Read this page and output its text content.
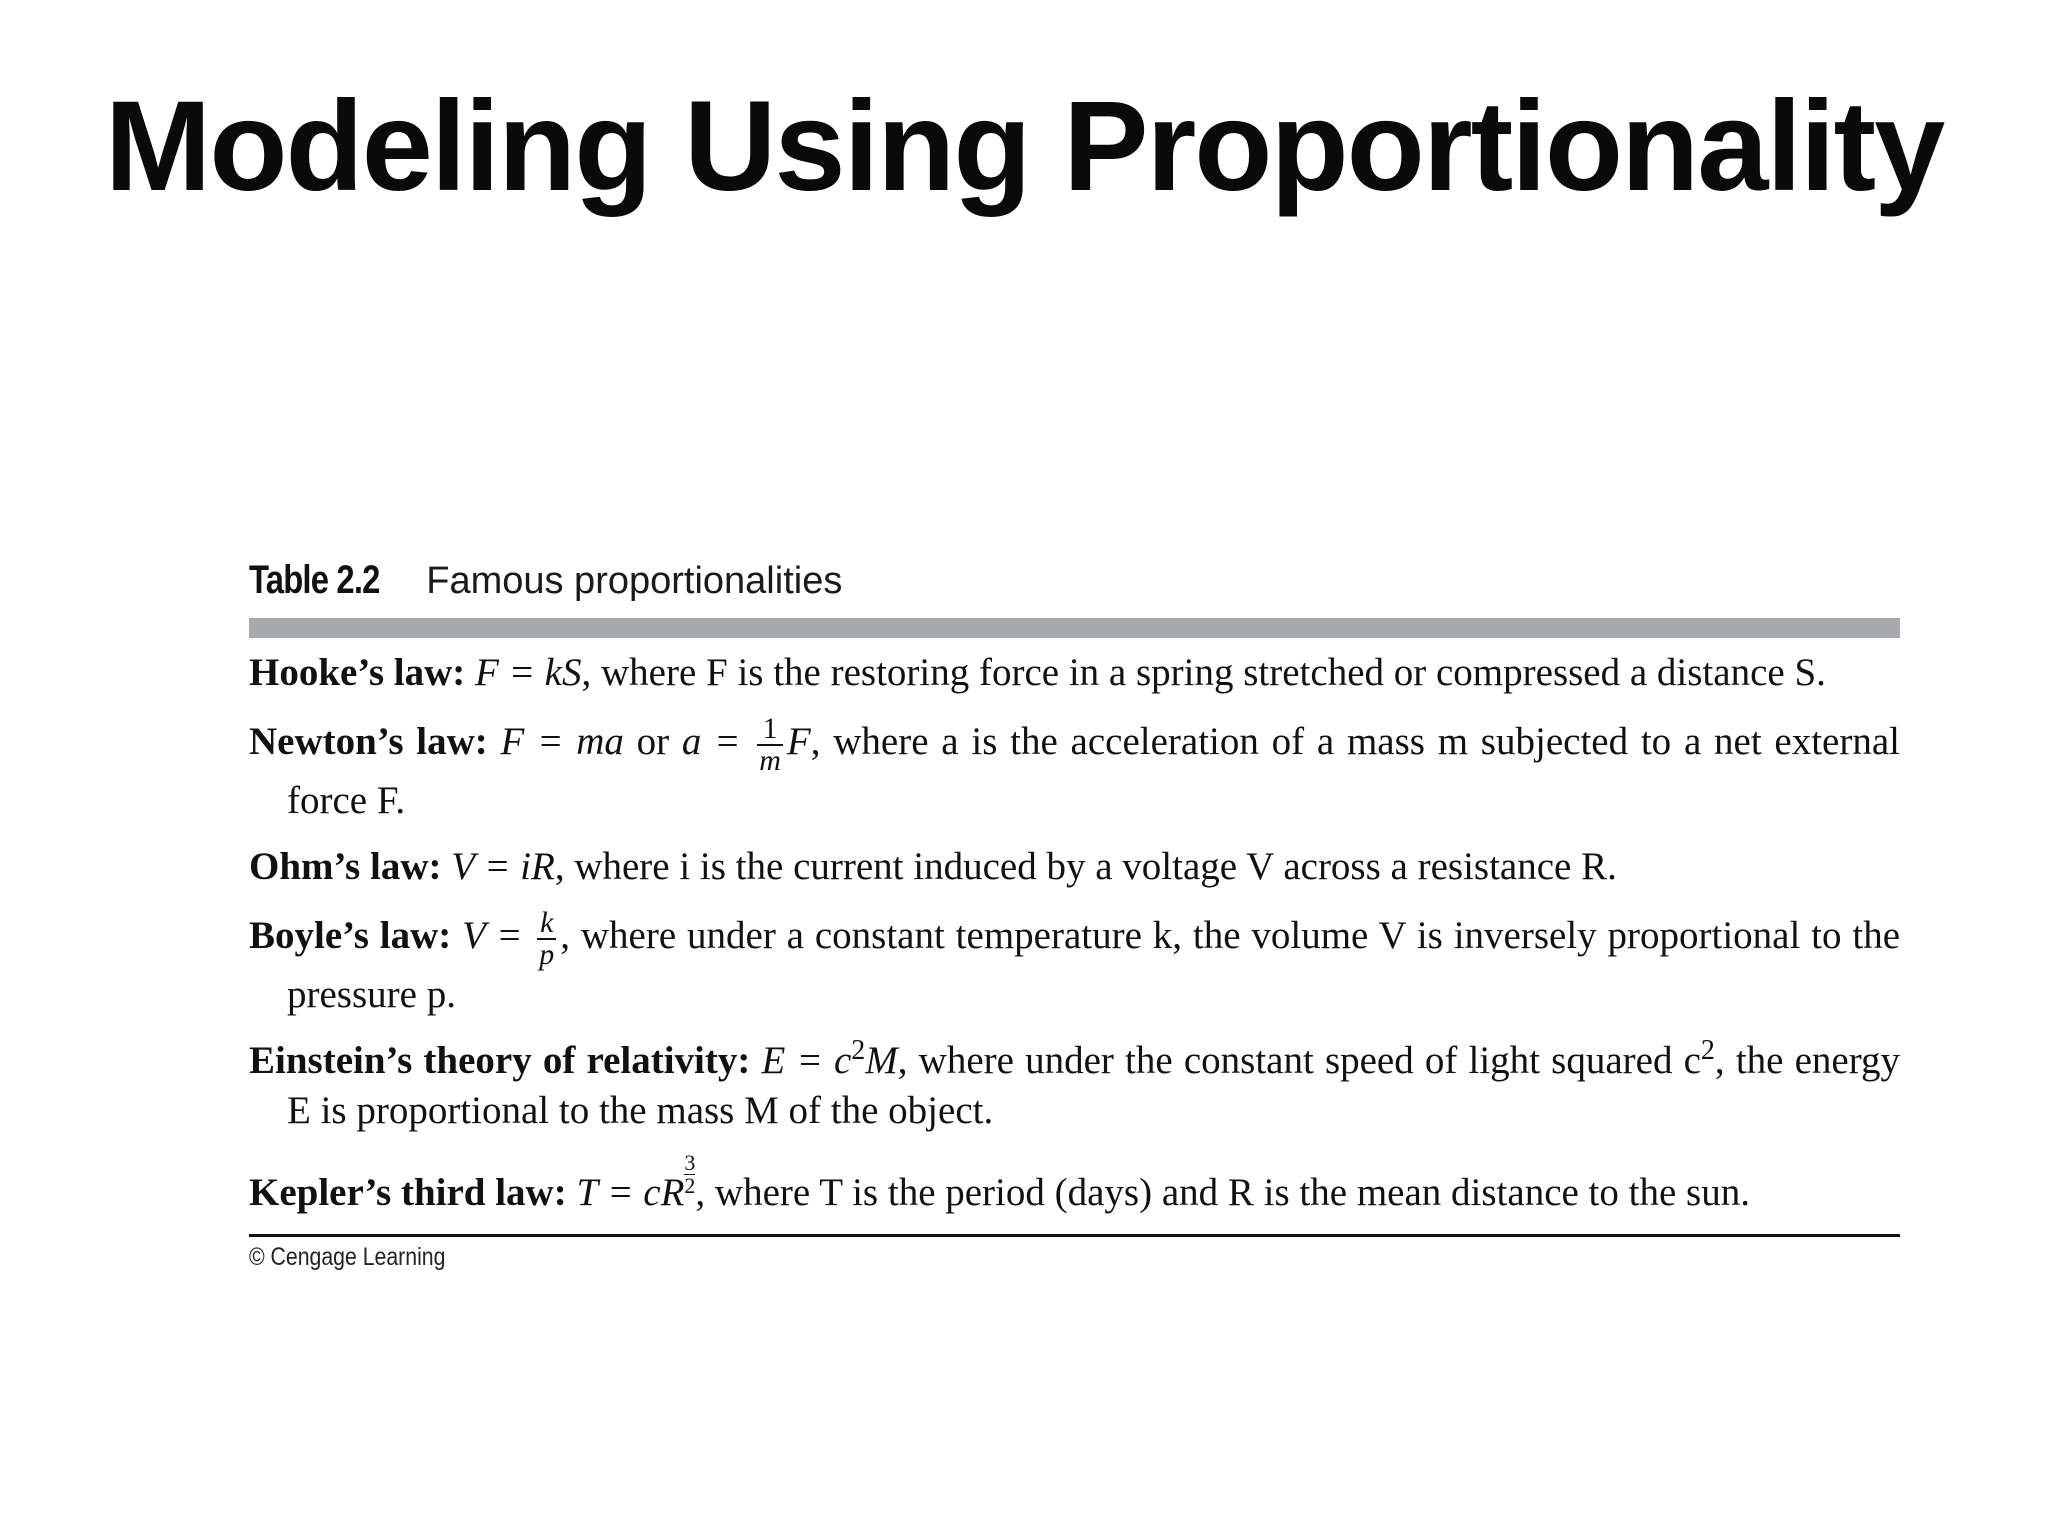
Modeling Using Proportionality
Table 2.2 Famous proportionalities
Hooke’s law: F = kS, where F is the restoring force in a spring stretched or compressed a distance S.
Newton’s law: F = ma or $a = \frac{1}{m} F$, where a is the acceleration of a mass m subjected to a net external force F.
Ohm’s law: V = iR, where i is the current induced by a voltage V across a resistance R.
Boyle’s law: $V = \frac{k}{p}$ , where under a constant temperature k, the volume V is inversely proportional to the pressure p.
Einstein’s theory of relativity: $E = c^2M$, where under the constant speed of light squared $c^2$, the energy E is proportional to the mass M of the object.
Kepler’s third law: T = cR $\frac{3}{2}$ , where T is the period (days) and R is the mean distance to the sun.
© Cengage Learning
